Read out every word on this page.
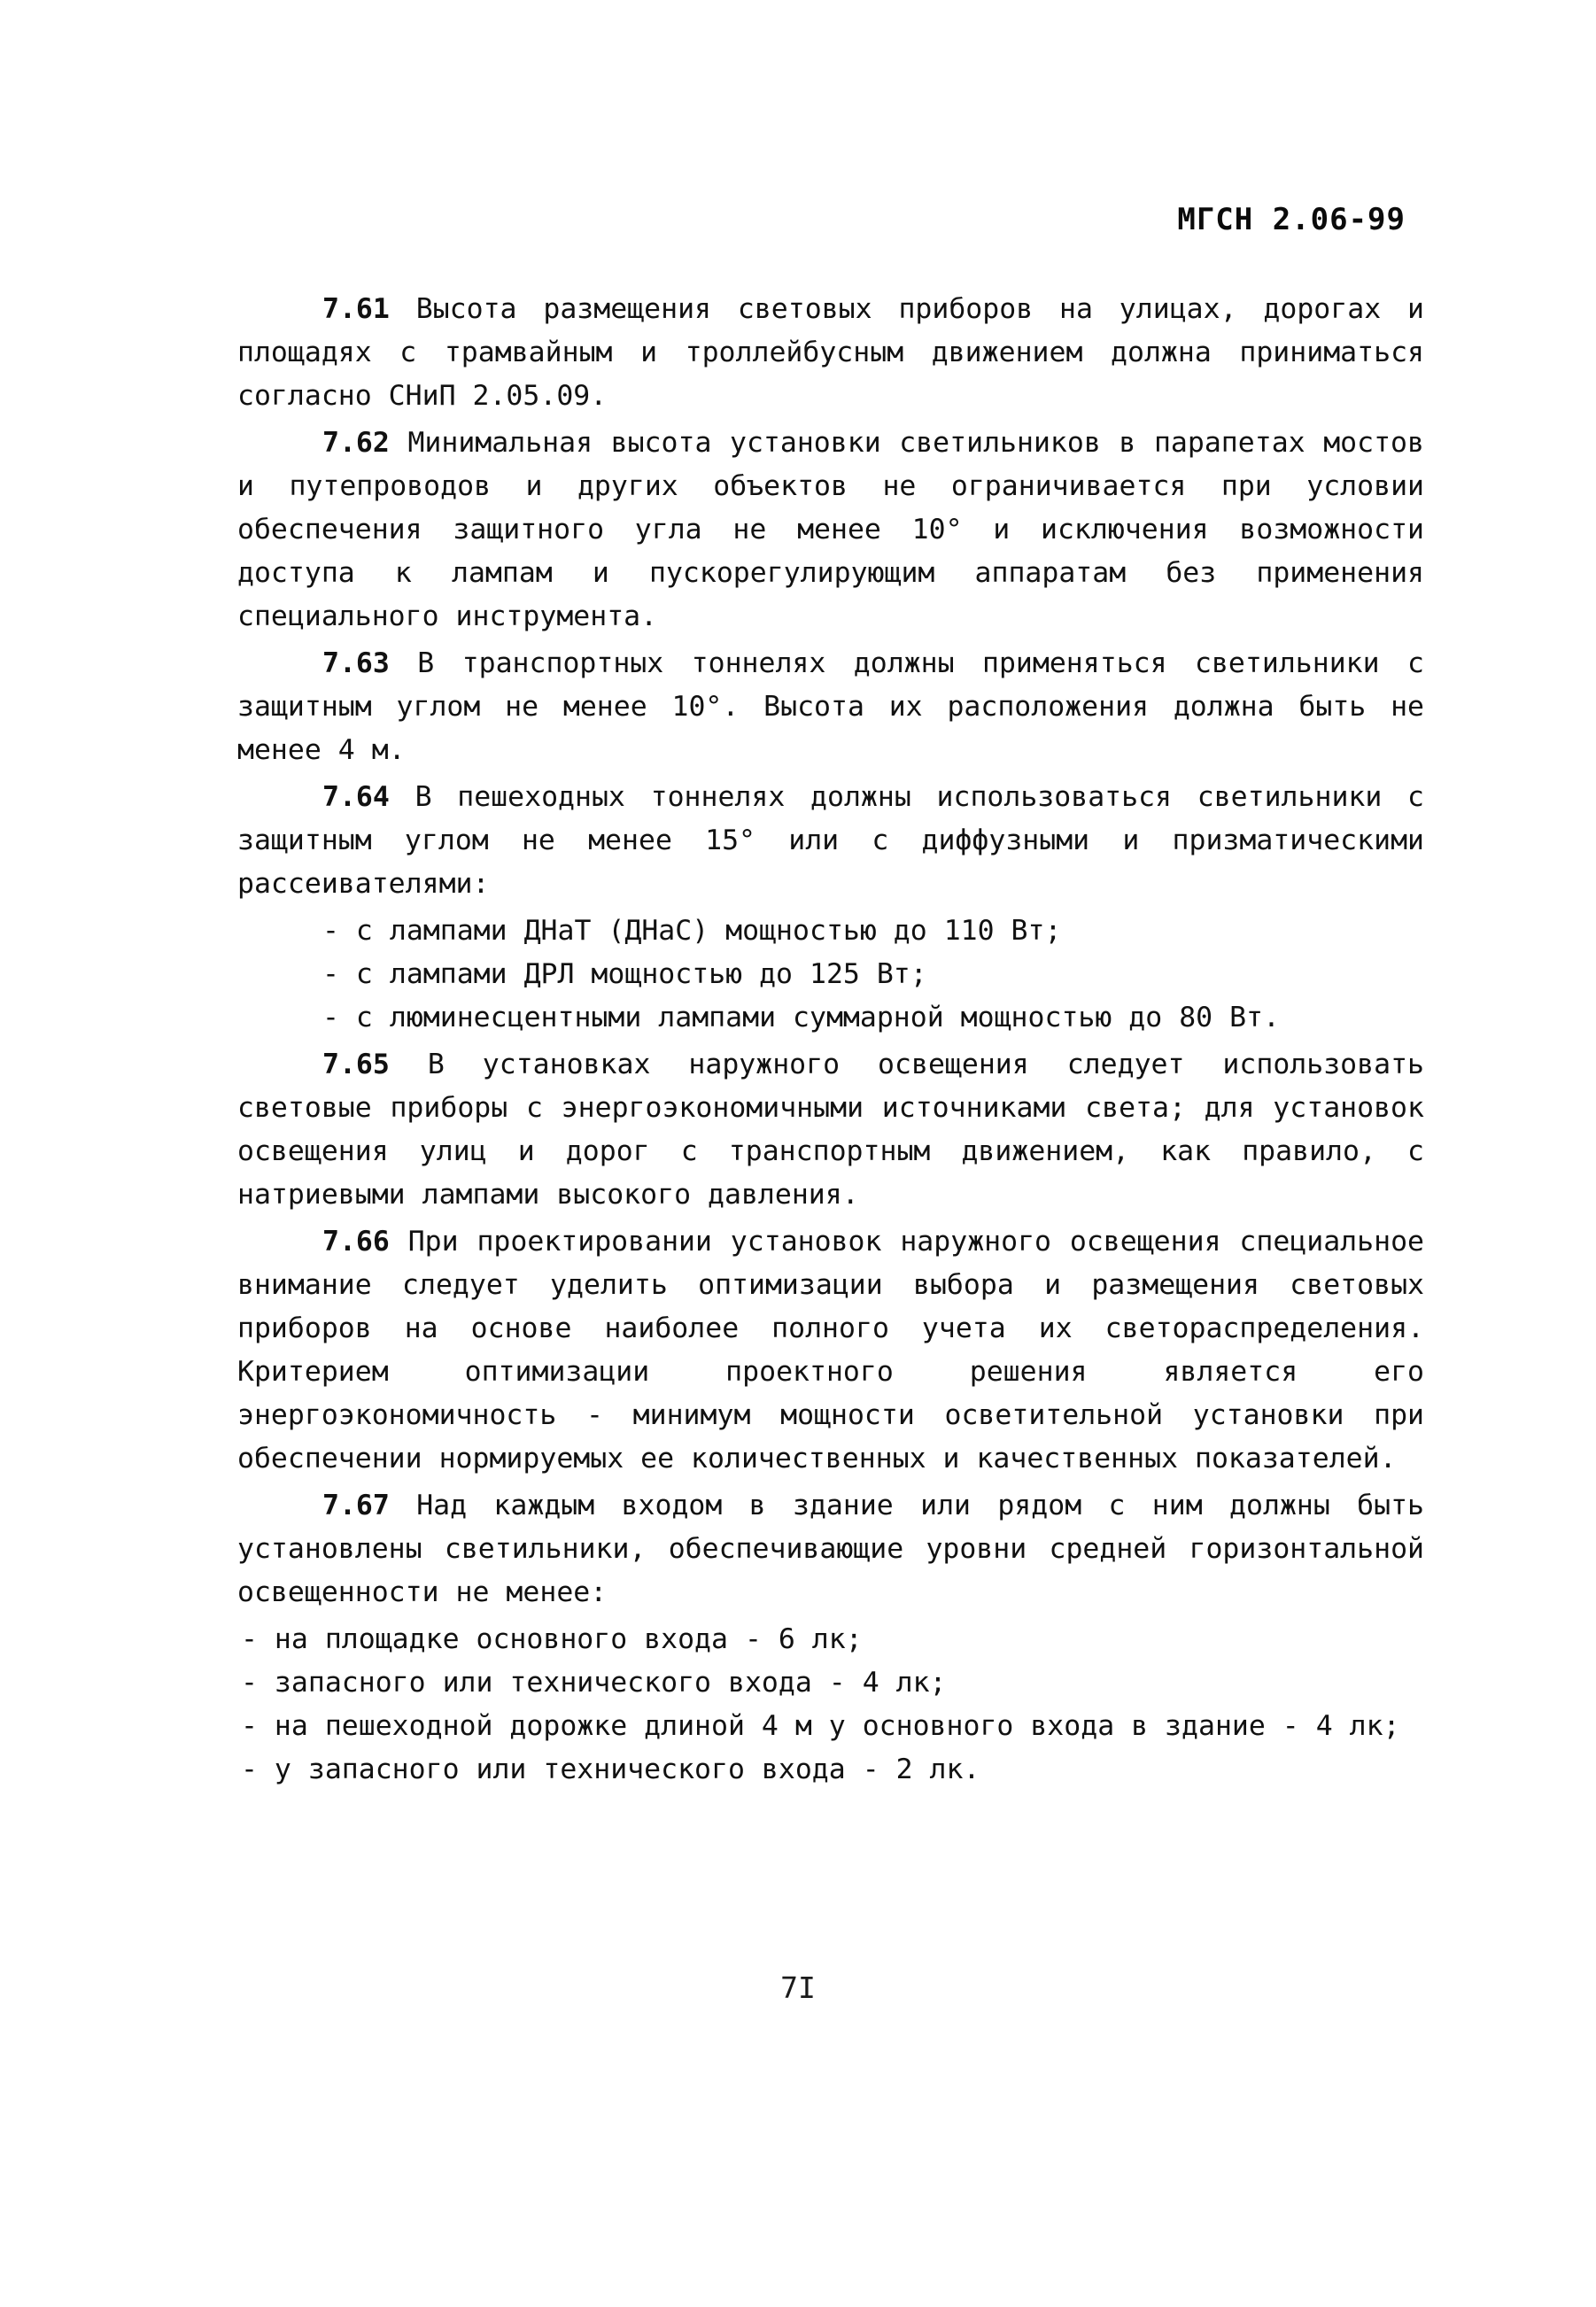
МГСН 2.06-99

7.61 Высота размещения световых приборов на улицах, дорогах и площадях с трамвайным и троллейбусным движением должна приниматься согласно СНиП 2.05.09.

7.62 Минимальная высота установки светильников в парапетах мостов и путепроводов и других объектов не ограничивается при условии обеспечения защитного угла не менее 10° и исключения возможности доступа к лампам и пускорегулирующим аппаратам без применения специального инструмента.

7.63 В транспортных тоннелях должны применяться светильники с защитным углом не менее 10°. Высота их расположения должна быть не менее 4 м.

7.64 В пешеходных тоннелях должны использоваться светильники с защитным углом не менее 15° или с диффузными и призматическими рассеивателями:

- с лампами ДНаТ (ДНаС) мощностью до 110 Вт;
- с лампами ДРЛ мощностью до 125 Вт;
- с люминесцентными лампами суммарной мощностью до 80 Вт.

7.65 В установках наружного освещения следует использовать световые приборы с энергоэкономичными источниками света; для установок освещения улиц и дорог с транспортным движением, как правило, с натриевыми лампами высокого давления.

7.66 При проектировании установок наружного освещения специальное внимание следует уделить оптимизации выбора и размещения световых приборов на основе наиболее полного учета их светораспределения. Критерием оптимизации проектного решения является его энергоэкономичность - минимум мощности осветительной установки при обеспечении нормируемых ее количественных и качественных показателей.

7.67 Над каждым входом в здание или рядом с ним должны быть установлены светильники, обеспечивающие уровни средней горизонтальной освещенности не менее:

- на площадке основного входа - 6 лк;
- запасного или технического входа - 4 лк;
- на пешеходной дорожке длиной 4 м у основного входа в здание - 4 лк;
- у запасного или технического входа - 2 лк.
7I
